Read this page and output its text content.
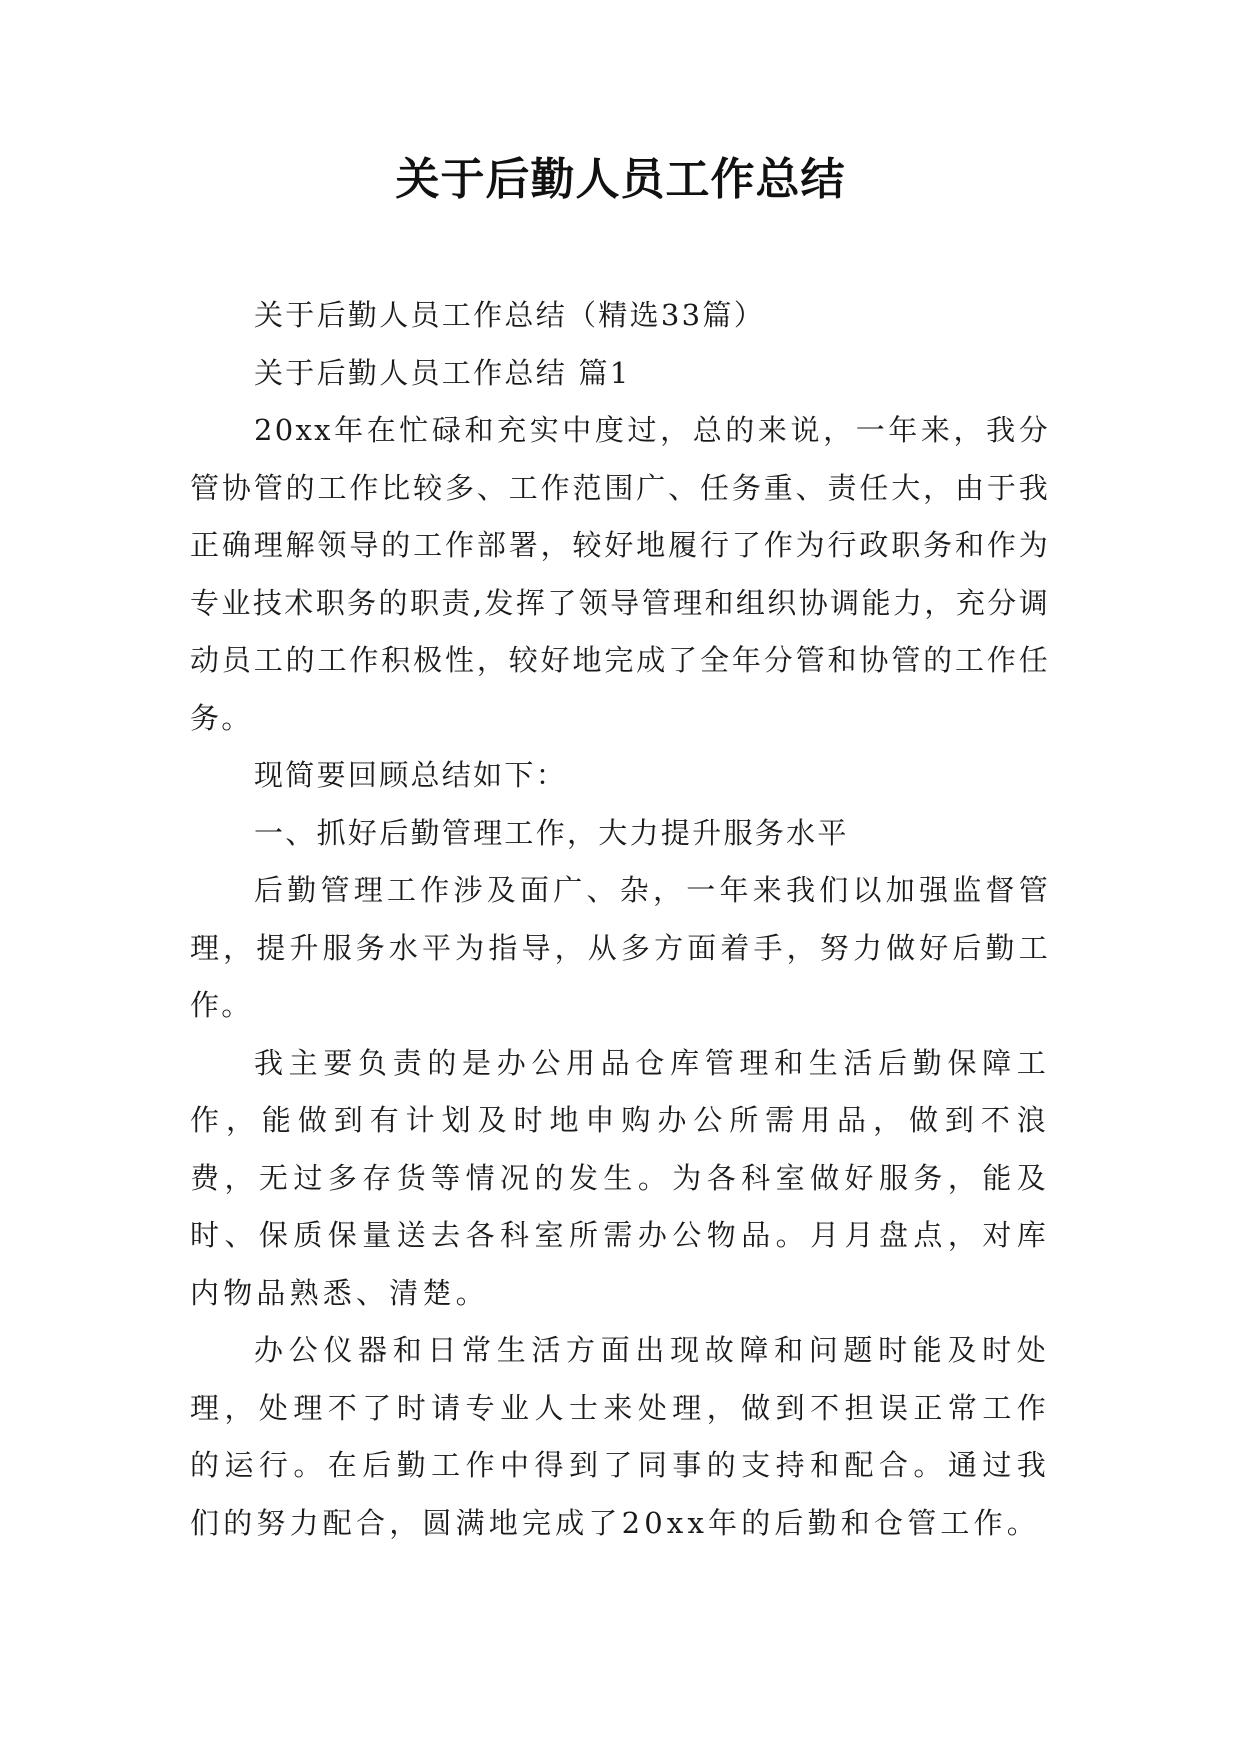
关于后勤人员工作总结

关于后勤人员工作总结（精选33篇）

关于后勤人员工作总结 篇1

20xx年在忙碌和充实中度过，总的来说，一年来，我分管协管的工作比较多、工作范围广、任务重、责任大，由于我正确理解领导的工作部署，较好地履行了作为行政职务和作为专业技术职务的职责,发挥了领导管理和组织协调能力，充分调动员工的工作积极性，较好地完成了全年分管和协管的工作任务。

现简要回顾总结如下：

一、抓好后勤管理工作，大力提升服务水平

后勤管理工作涉及面广、杂，一年来我们以加强监督管理，提升服务水平为指导，从多方面着手，努力做好后勤工作。

我主要负责的是办公用品仓库管理和生活后勤保障工作，能做到有计划及时地申购办公所需用品，做到不浪费，无过多存货等情况的发生。为各科室做好服务，能及时、保质保量送去各科室所需办公物品。月月盘点，对库内物品熟悉、清楚。

办公仪器和日常生活方面出现故障和问题时能及时处理，处理不了时请专业人士来处理，做到不担误正常工作的运行。在后勤工作中得到了同事的支持和配合。通过我们的努力配合，圆满地完成了20xx年的后勤和仓管工作。
